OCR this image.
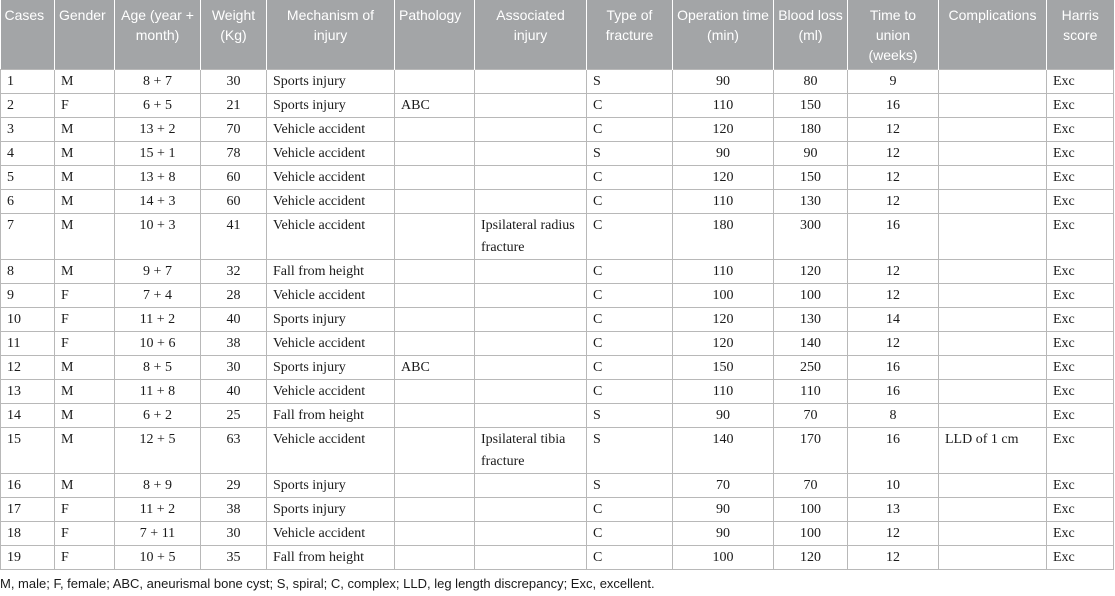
Cases	Gender	Age (year + month)	Weight (Kg)	Mechanism of injury	Pathology	Associated injury	Type of fracture	Operation time (min)	Blood loss (ml)	Time to union (weeks)	Complications	Harris score
1	M	8 + 7	30	Sports injury			S	90	80	9		Exc
2	F	6 + 5	21	Sports injury	ABC		C	110	150	16		Exc
3	M	13 + 2	70	Vehicle accident			C	120	180	12		Exc
4	M	15 + 1	78	Vehicle accident			S	90	90	12		Exc
5	M	13 + 8	60	Vehicle accident			C	120	150	12		Exc
6	M	14 + 3	60	Vehicle accident			C	110	130	12		Exc
7	M	10 + 3	41	Vehicle accident		Ipsilateral radius fracture	C	180	300	16		Exc
8	M	9 + 7	32	Fall from height			C	110	120	12		Exc
9	F	7 + 4	28	Vehicle accident			C	100	100	12		Exc
10	F	11 + 2	40	Sports injury			C	120	130	14		Exc
11	F	10 + 6	38	Vehicle accident			C	120	140	12		Exc
12	M	8 + 5	30	Sports injury	ABC		C	150	250	16		Exc
13	M	11 + 8	40	Vehicle accident			C	110	110	16		Exc
14	M	6 + 2	25	Fall from height			S	90	70	8		Exc
15	M	12 + 5	63	Vehicle accident		Ipsilateral tibia fracture	S	140	170	16	LLD of 1 cm	Exc
16	M	8 + 9	29	Sports injury			S	70	70	10		Exc
17	F	11 + 2	38	Sports injury			C	90	100	13		Exc
18	F	7 + 11	30	Vehicle accident			C	90	100	12		Exc
19	F	10 + 5	35	Fall from height			C	100	120	12		Exc
M, male; F, female; ABC, aneurismal bone cyst; S, spiral; C, complex; LLD, leg length discrepancy; Exc, excellent.
